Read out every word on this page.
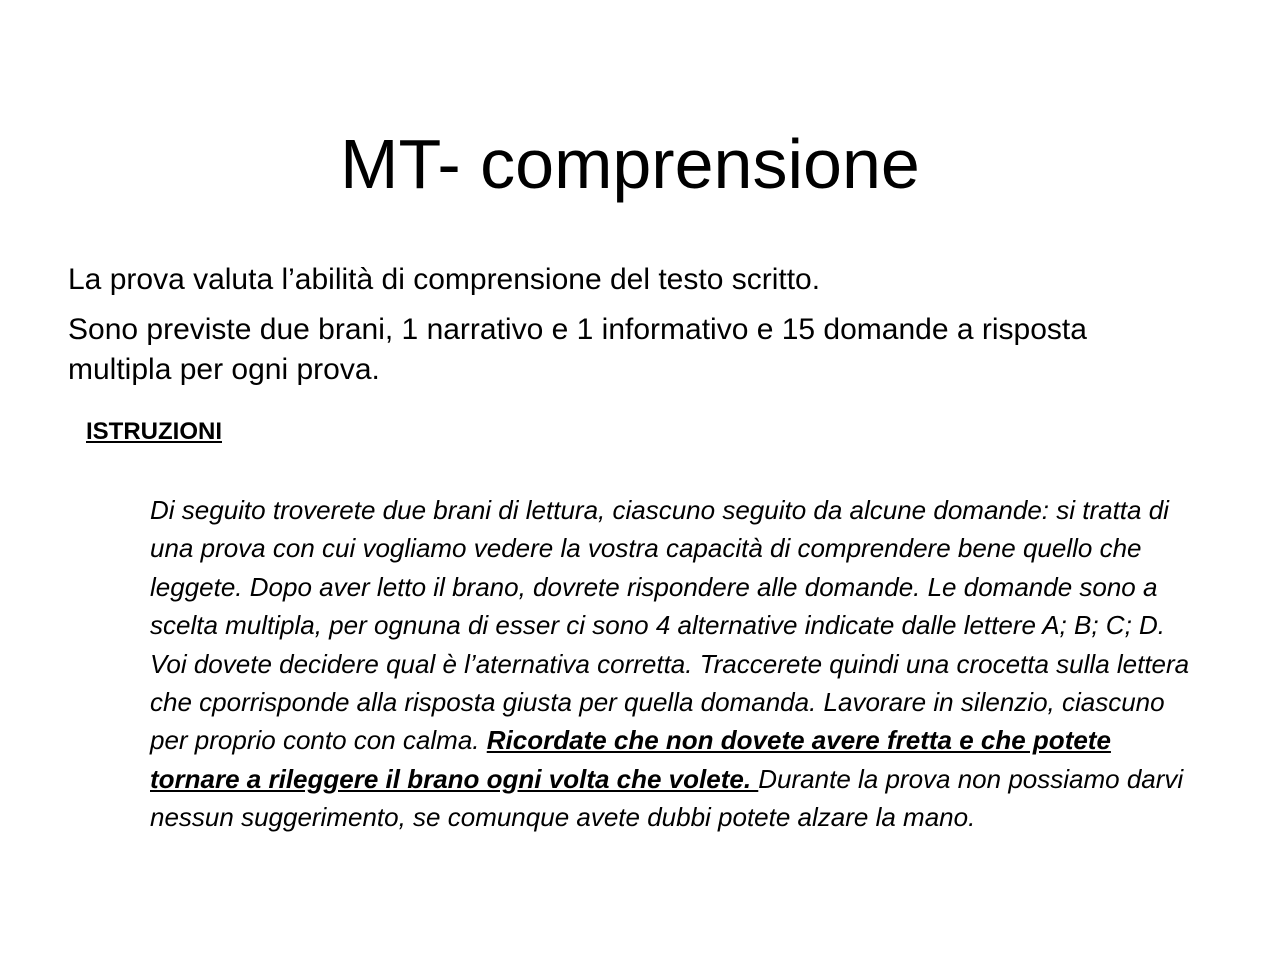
MT- comprensione

La prova valuta l’abilità di comprensione del testo scritto.

Sono previste due brani, 1 narrativo e 1 informativo e 15 domande a risposta multipla per ogni prova.

ISTRUZIONI

Di seguito troverete due brani di lettura, ciascuno seguito da alcune domande: si tratta di una prova con cui vogliamo vedere la vostra capacità di comprendere bene quello che leggete. Dopo aver letto il brano, dovrete rispondere alle domande. Le domande sono a scelta multipla, per ognuna di esser ci sono 4 alternative indicate dalle lettere A; B; C; D. Voi dovete decidere qual è l’aternativa corretta. Traccerete quindi una crocetta sulla lettera che cporrisponde alla risposta giusta per quella domanda. Lavorare in silenzio, ciascuno per proprio conto con calma. Ricordate che non dovete avere fretta e che potete tornare a rileggere il brano ogni volta che volete. Durante la prova non possiamo darvi nessun suggerimento, se comunque avete dubbi potete alzare la mano.
